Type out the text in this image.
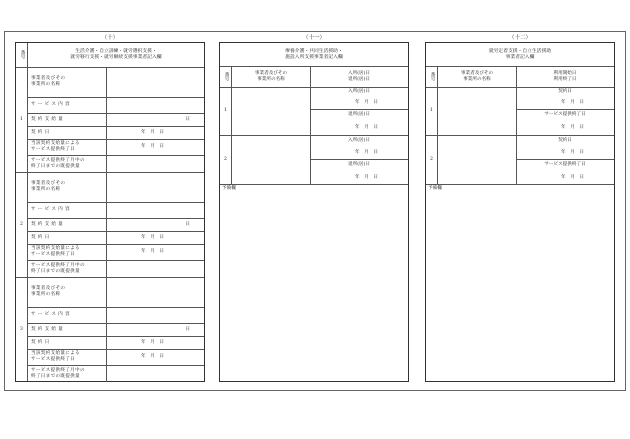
（十）
番号	生活介護・自立訓練・就労選択支援・
就労移行支援・就労継続支援事業者記入欄
1
事業者及びその
事業所の名称
サービス内容
契約支給量	日
契約日	年　月　日
当該契約支給量による
サービス提供終了日
年　月　日
サービス提供終了月中の
終了日までの既提供量
2
事業者及びその
事業所の名称
サービス内容
契約支給量	日
契約日	年　月　日
当該契約支給量による
サービス提供終了日
年　月　日
サービス提供終了月中の
終了日までの既提供量
3
事業者及びその
事業所の名称
サービス内容
契約支給量	日
契約日	年　月　日
当該契約支給量による
サービス提供終了日
年　月　日
サービス提供終了月中の
終了日までの既提供量
（十一）
療養介護・共同生活援助・
施設入所支援事業者記入欄
番号	事業者及びその
事業所の名称
入所(居)日
退所(居)日
1
入所(居)日
年　月　日
退所(居)日
年　月　日
2
入所(居)日
年　月　日
退所(居)日
年　月　日
予備欄
（十二）
就労定着支援・自立生活援助
事業者記入欄
番号	事業者及びその
事業所の名称
利用開始日
利用終了日
1
契約日
年　月　日
サービス提供終了日
年　月　日
2
契約日
年　月　日
サービス提供終了日
年　月　日
予備欄
